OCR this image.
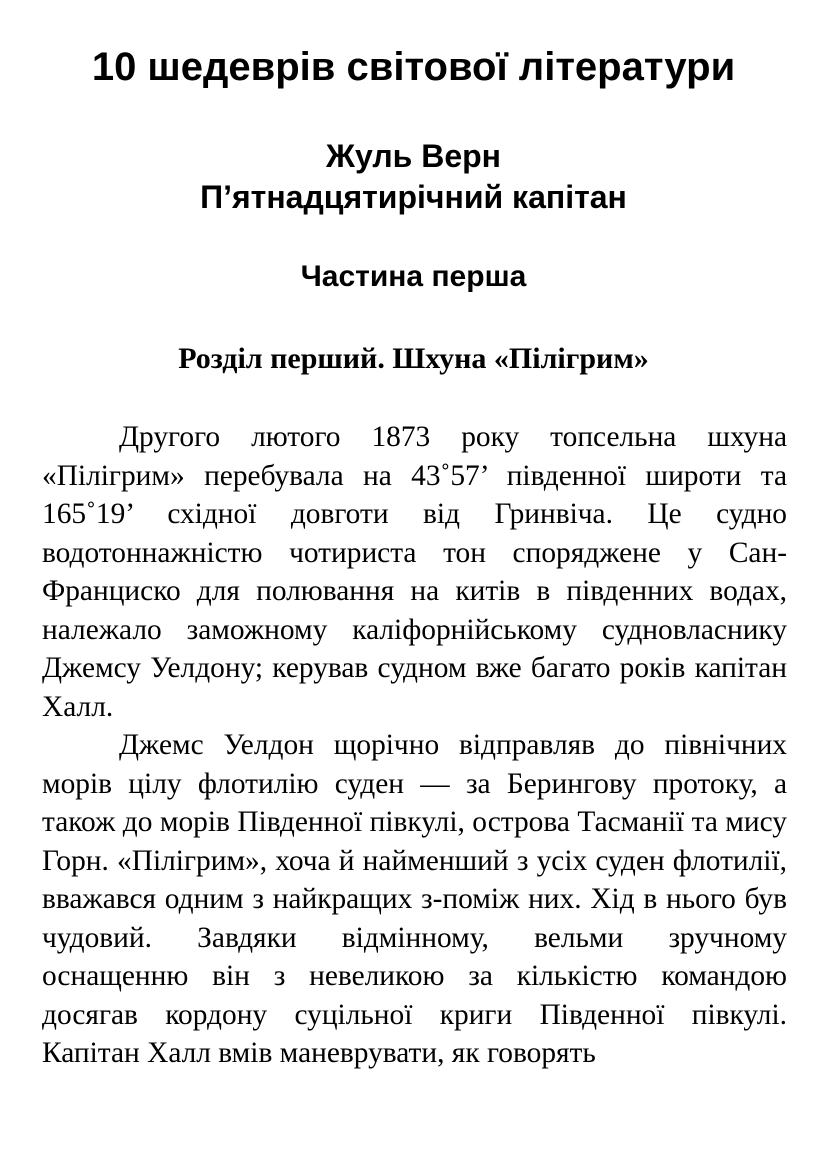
10 шедеврів світової літератури
Жуль Верн
П’ятнадцятирічний капітан
Частина перша
Розділ перший. Шхуна «Пілігрим»

Другого лютого 1873 року топсельна шхуна «Пілігрим» перебувала на 43˚57’ південної широти та 165˚19’ східної довготи від Гринвіча. Це судно водотоннажністю чотириста тон споряджене у Сан-Франциско для полювання на китів в південних водах, належало заможному каліфорнійському судновласнику Джемсу Уелдону; керував судном вже багато років капітан Халл.

Джемс Уелдон щорічно відправляв до північних морів цілу флотилію суден — за Берингову протоку, а також до морів Південної півкулі, острова Тасманії та мису Горн. «Пілігрим», хоча й найменший з усіх суден флотилії, вважався одним з найкращих з-поміж них. Хід в нього був чудовий. Завдяки відмінному, вельми зручному оснащенню він з невеликою за кількістю командою досягав кордону суцільної криги Південної півкулі. Капітан Халл вмів маневрувати, як говорять
